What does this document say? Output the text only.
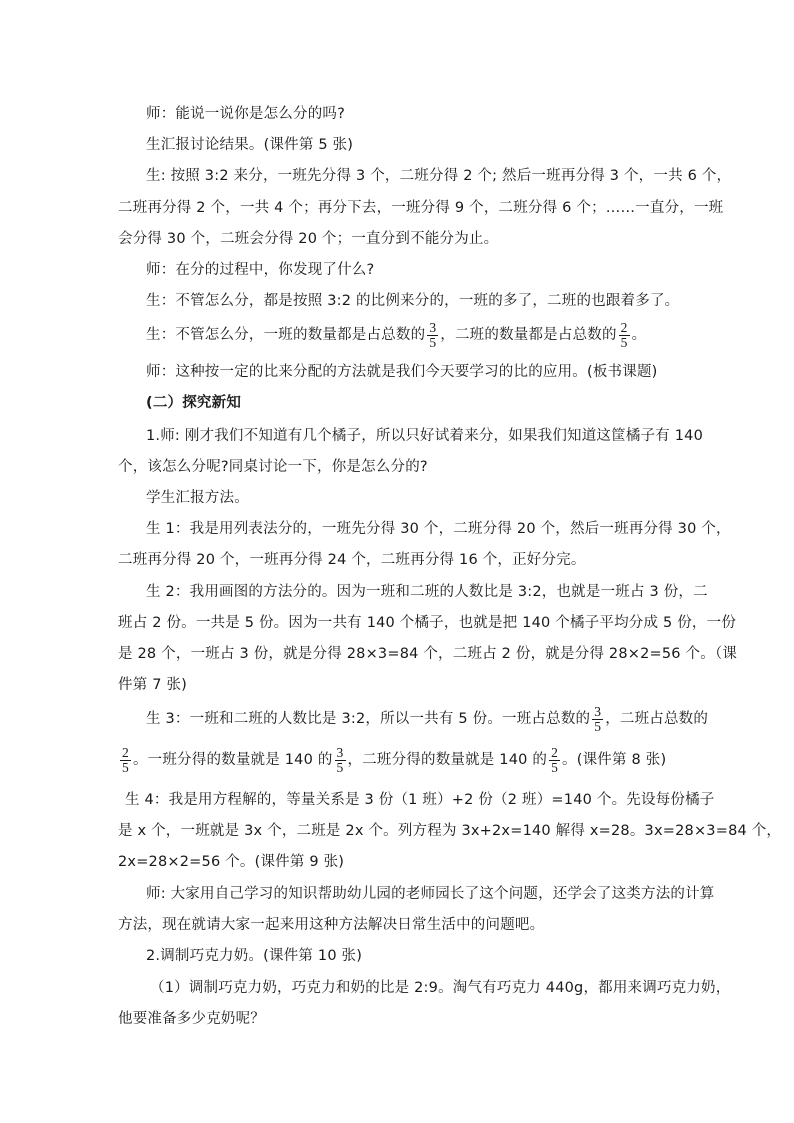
师：能说一说你是怎么分的吗?
生汇报讨论结果。(课件第 5 张)
生: 按照 3:2 来分，一班先分得 3 个，二班分得 2 个; 然后一班再分得 3 个，一共 6 个，
二班再分得 2 个，一共 4 个；再分下去，一班分得 9 个，二班分得 6 个；……一直分，一班
会分得 30 个，二班会分得 20 个；一直分到不能分为止。
师：在分的过程中，你发现了什么?
生：不管怎么分，都是按照 3:2 的比例来分的，一班的多了，二班的也跟着多了。
生：不管怎么分，一班的数量都是占总数的 $\frac{3}{5}$ ，二班的数量都是占总数的 $\frac{2}{5}$ 。
师：这种按一定的比来分配的方法就是我们今天要学习的比的应用。(板书课题)
(二）探究新知
1.师: 刚才我们不知道有几个橘子，所以只好试着来分，如果我们知道这筐橘子有 140
个，该怎么分呢?同桌讨论一下，你是怎么分的?
学生汇报方法。
生 1：我是用列表法分的，一班先分得 30 个，二班分得 20 个，然后一班再分得 30 个，
二班再分得 20 个，一班再分得 24 个，二班再分得 16 个，正好分完。
生 2：我用画图的方法分的。因为一班和二班的人数比是 3:2，也就是一班占 3 份，二
班占 2 份。一共是 5 份。因为一共有 140 个橘子，也就是把 140 个橘子平均分成 5 份，一份
是 28 个，一班占 3 份，就是分得 28×3=84 个，二班占 2 份，就是分得 28×2=56 个。（课
件第 7 张)
生 3：一班和二班的人数比是 3:2，所以一共有 5 份。一班占总数的 $\frac{3}{5}$ ，二班占总数的
$\frac{2}{5}$ 。一班分得的数量就是 140 的 $\frac{3}{5}$ ，二班分得的数量就是 140 的 $\frac{2}{5}$ 。(课件第 8 张)
生 4：我是用方程解的，等量关系是 3 份（1 班）+2 份（2 班）=140 个。先设每份橘子
是 x 个，一班就是 3x 个，二班是 2x 个。列方程为 3x+2x=140 解得 x=28。3x=28×3=84 个，
2x=28×2=56 个。(课件第 9 张)
师: 大家用自己学习的知识帮助幼儿园的老师园长了这个问题，还学会了这类方法的计算
方法，现在就请大家一起来用这种方法解决日常生活中的问题吧。
2.调制巧克力奶。(课件第 10 张)
（1）调制巧克力奶，巧克力和奶的比是 2:9。淘气有巧克力 440g，都用来调巧克力奶，
他要准备多少克奶呢？
